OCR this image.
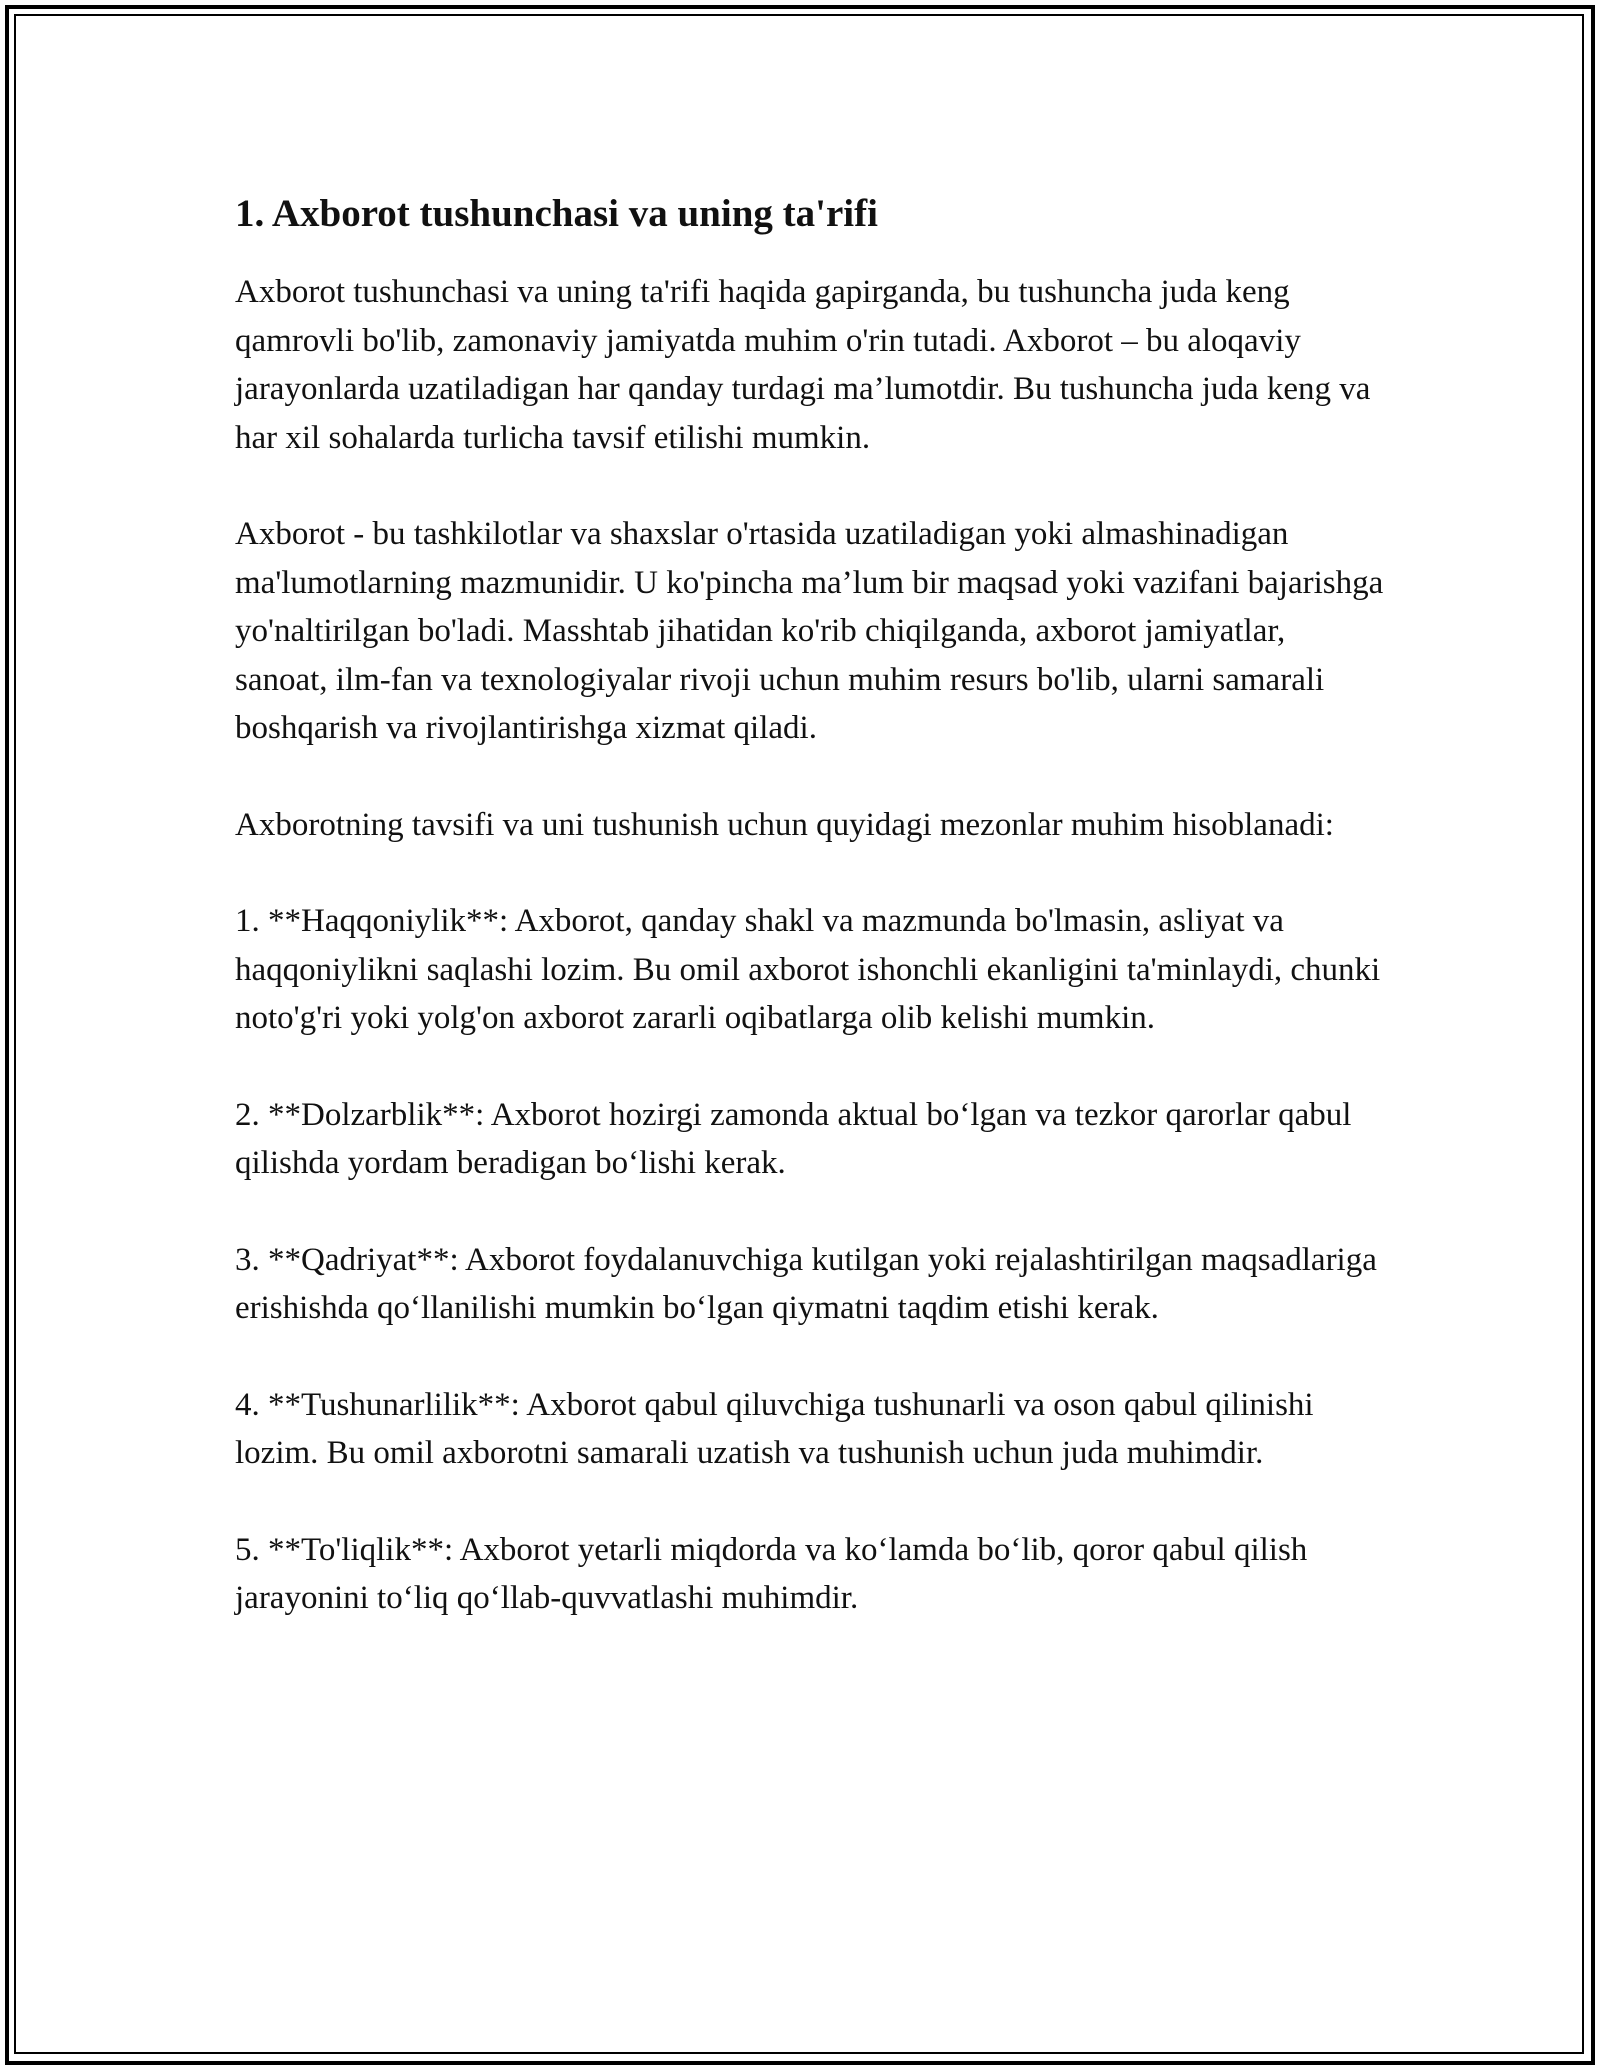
1. Axborot tushunchasi va uning ta'rifi

Axborot tushunchasi va uning ta'rifi haqida gapirganda, bu tushuncha juda keng qamrovli bo'lib, zamonaviy jamiyatda muhim o'rin tutadi. Axborot – bu aloqaviy jarayonlarda uzatiladigan har qanday turdagi ma’lumotdir. Bu tushuncha juda keng va har xil sohalarda turlicha tavsif etilishi mumkin.

Axborot - bu tashkilotlar va shaxslar o'rtasida uzatiladigan yoki almashinadigan ma'lumotlarning mazmunidir. U ko'pincha ma’lum bir maqsad yoki vazifani bajarishga yo'naltirilgan bo'ladi. Masshtab jihatidan ko'rib chiqilganda, axborot jamiyatlar, sanoat, ilm-fan va texnologiyalar rivoji uchun muhim resurs bo'lib, ularni samarali boshqarish va rivojlantirishga xizmat qiladi.

Axborotning tavsifi va uni tushunish uchun quyidagi mezonlar muhim hisoblanadi:

1. **Haqqoniylik**: Axborot, qanday shakl va mazmunda bo'lmasin, asliyat va haqqoniylikni saqlashi lozim. Bu omil axborot ishonchli ekanligini ta'minlaydi, chunki noto'g'ri yoki yolg'on axborot zararli oqibatlarga olib kelishi mumkin.

2. **Dolzarblik**: Axborot hozirgi zamonda aktual boʻlgan va tezkor qarorlar qabul qilishda yordam beradigan boʻlishi kerak.

3. **Qadriyat**: Axborot foydalanuvchiga kutilgan yoki rejalashtirilgan maqsadlariga erishishda qoʻllanilishi mumkin boʻlgan qiymatni taqdim etishi kerak.

4. **Tushunarlilik**: Axborot qabul qiluvchiga tushunarli va oson qabul qilinishi lozim. Bu omil axborotni samarali uzatish va tushunish uchun juda muhimdir.

5. **To'liqlik**: Axborot yetarli miqdorda va koʻlamda boʻlib, qoror qabul qilish jarayonini toʻliq qoʻllab-quvvatlashi muhimdir.
